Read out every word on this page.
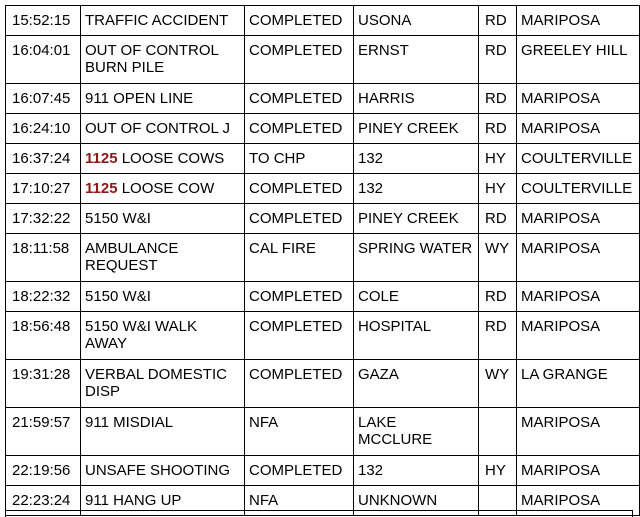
15:52:15	TRAFFIC ACCIDENT	COMPLETED	USONA	RD	MARIPOSA
16:04:01	OUT OF CONTROL BURN PILE	COMPLETED	ERNST	RD	GREELEY HILL
16:07:45	911 OPEN LINE	COMPLETED	HARRIS	RD	MARIPOSA
16:24:10	OUT OF CONTROL J	COMPLETED	PINEY CREEK	RD	MARIPOSA
16:37:24	1125 LOOSE COWS	TO CHP	132	HY	COULTERVILLE
17:10:27	1125 LOOSE COW	COMPLETED	132	HY	COULTERVILLE
17:32:22	5150 W&I	COMPLETED	PINEY CREEK	RD	MARIPOSA
18:11:58	AMBULANCE REQUEST	CAL FIRE	SPRING WATER	WY	MARIPOSA
18:22:32	5150 W&I	COMPLETED	COLE	RD	MARIPOSA
18:56:48	5150 W&I WALK AWAY	COMPLETED	HOSPITAL	RD	MARIPOSA
19:31:28	VERBAL DOMESTIC DISP	COMPLETED	GAZA	WY	LA GRANGE
21:59:57	911 MISDIAL	NFA	LAKE MCCLURE		MARIPOSA
22:19:56	UNSAFE SHOOTING	COMPLETED	132	HY	MARIPOSA
22:23:24	911 HANG UP	NFA	UNKNOWN		MARIPOSA
